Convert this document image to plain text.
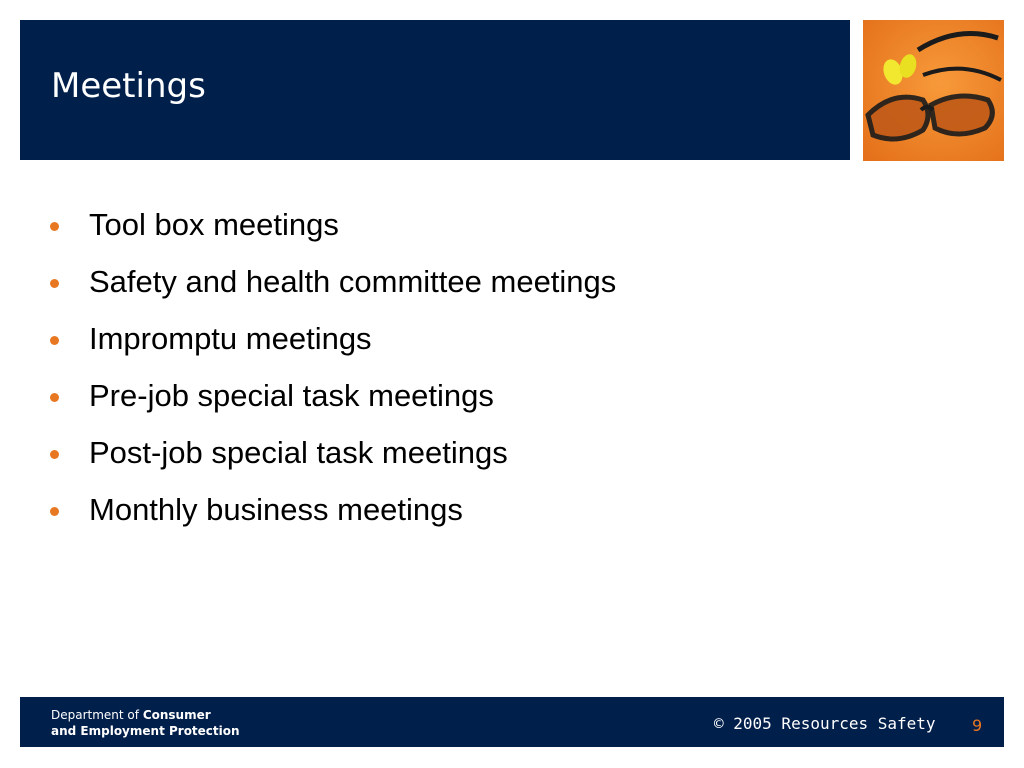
Meetings
Tool box meetings
Safety and health committee meetings
Impromptu meetings
Pre-job special task meetings
Post-job special task meetings
Monthly business meetings
Department of Consumer
and Employment Protection	© 2005 Resources Safety 9
